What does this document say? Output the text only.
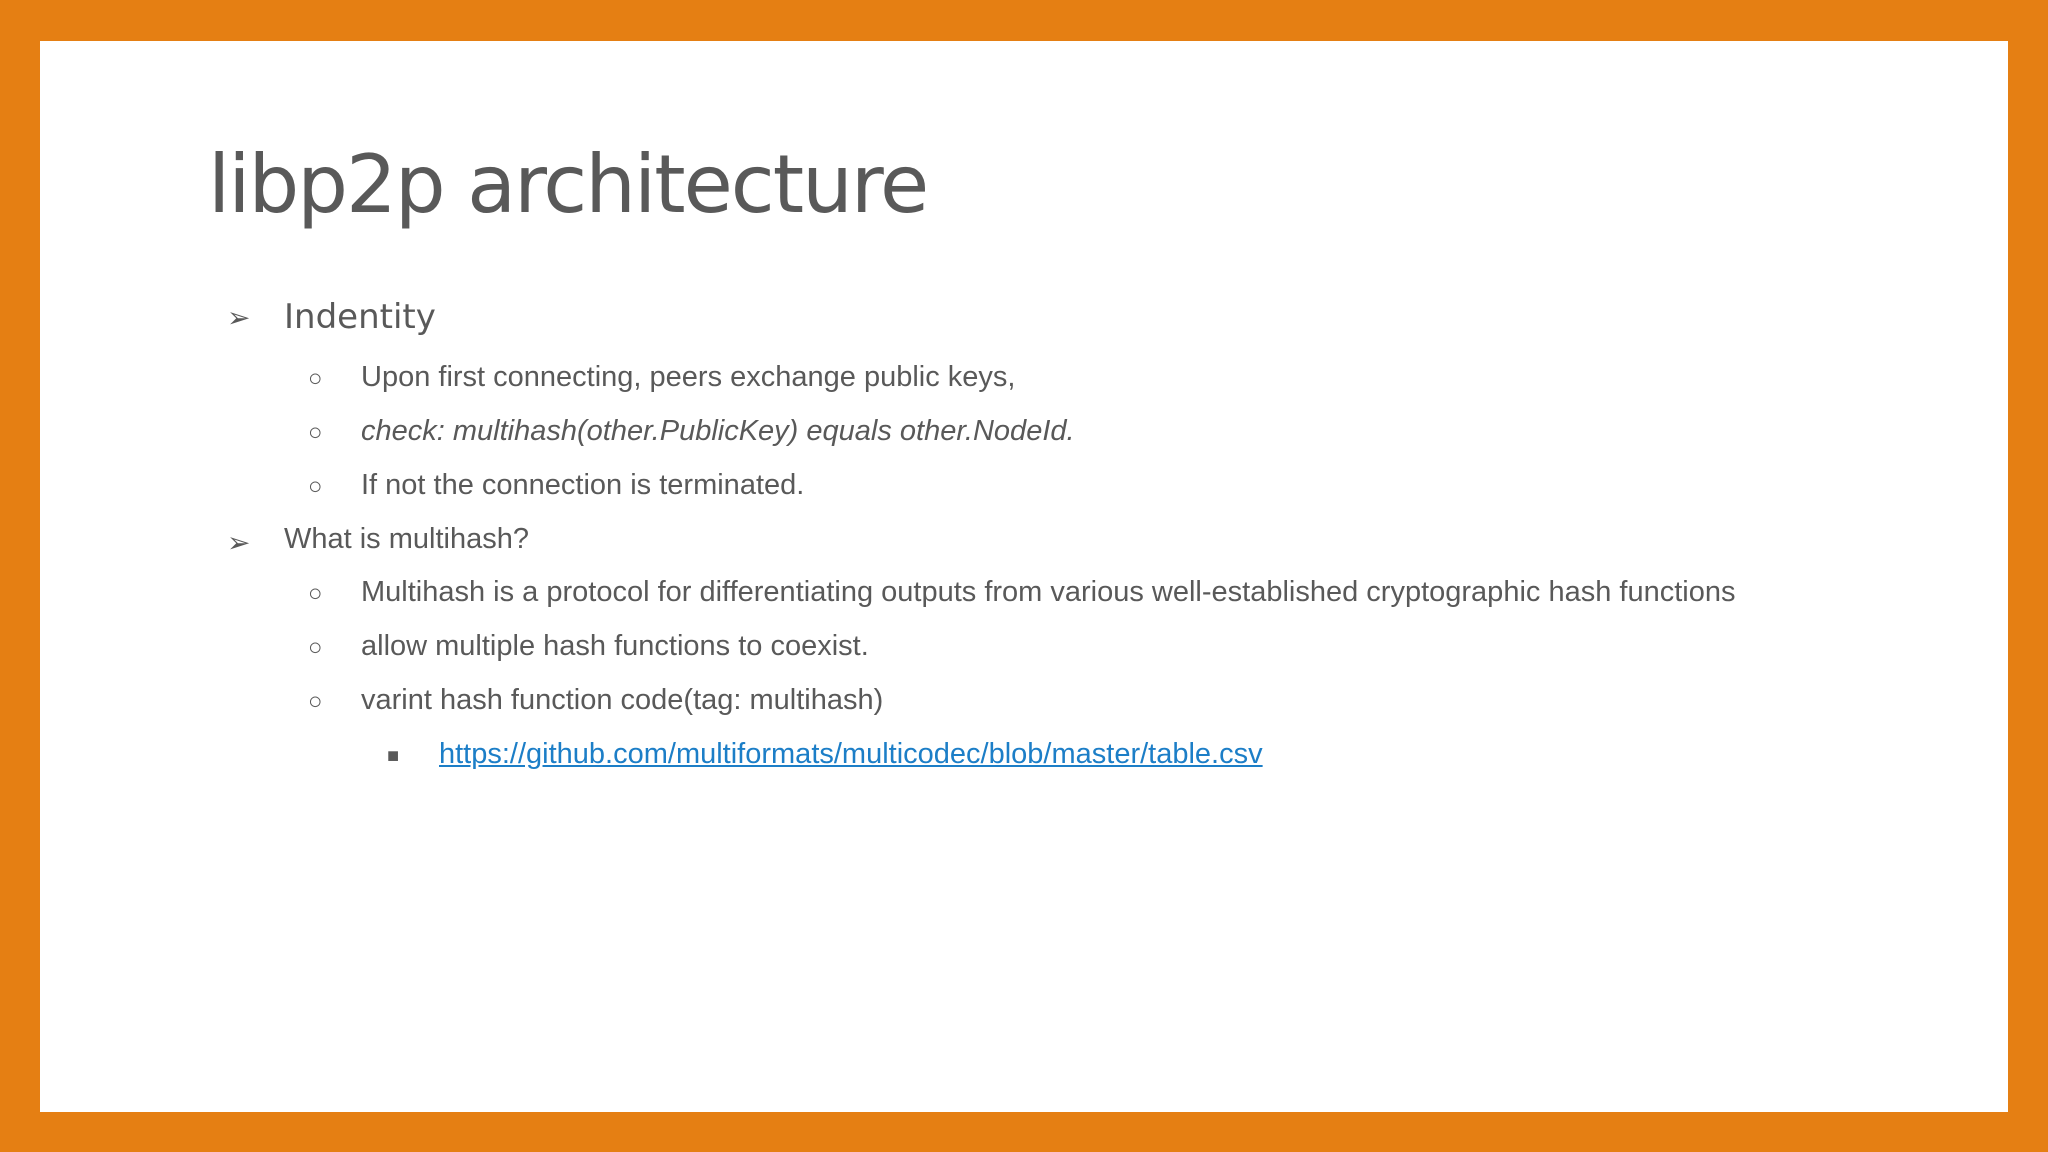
libp2p architecture
➢ Indentity
○ Upon first connecting, peers exchange public keys,
○ check: multihash(other.PublicKey) equals other.NodeId.
○ If not the connection is terminated.
➢ What is multihash?
○ Multihash is a protocol for differentiating outputs from various well-established cryptographic hash functions
○ allow multiple hash functions to coexist.
○ varint hash function code(tag: multihash)
■ https://github.com/multiformats/multicodec/blob/master/table.csv
